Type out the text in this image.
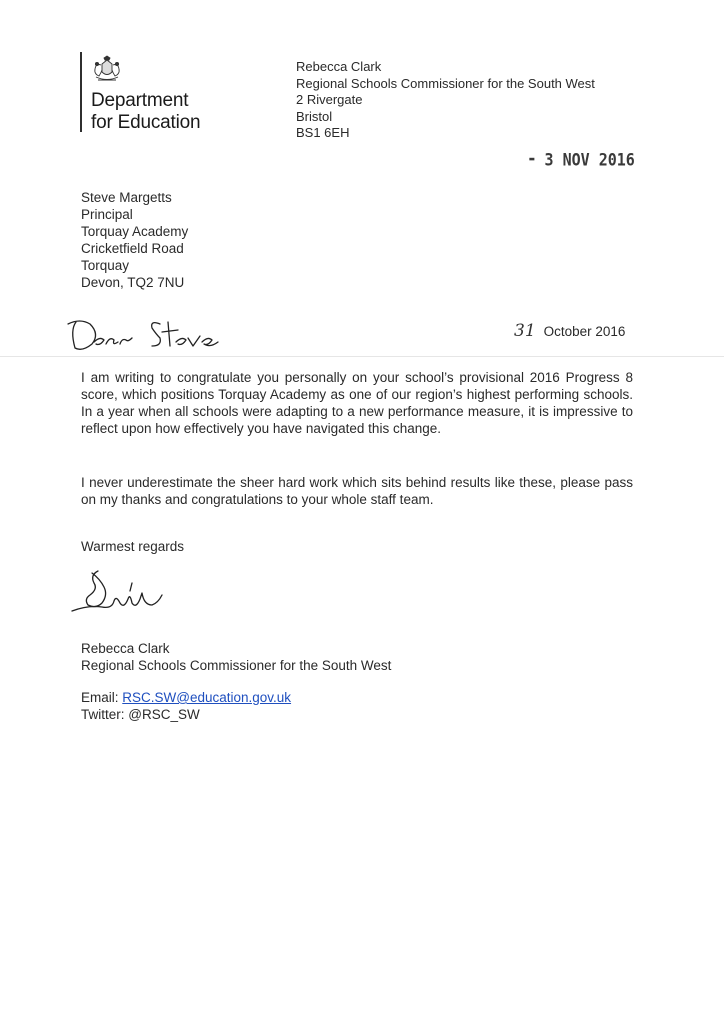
Department
for Education
Rebecca Clark
Regional Schools Commissioner for the South West
2 Rivergate
Bristol
BS1 6EH
⁃ 3 NOV 2016
Steve Margetts
Principal
Torquay Academy
Cricketfield Road
Torquay
Devon, TQ2 7NU
31 October 2016

I am writing to congratulate you personally on your school’s provisional 2016 Progress 8 score, which positions Torquay Academy as one of our region’s highest performing schools. In a year when all schools were adapting to a new performance measure, it is impressive to reflect upon how effectively you have navigated this change.

I never underestimate the sheer hard work which sits behind results like these, please pass on my thanks and congratulations to your whole staff team.

Warmest regards
Rebecca Clark
Regional Schools Commissioner for the South West
Email: RSC.SW@education.gov.uk
Twitter: @RSC_SW
